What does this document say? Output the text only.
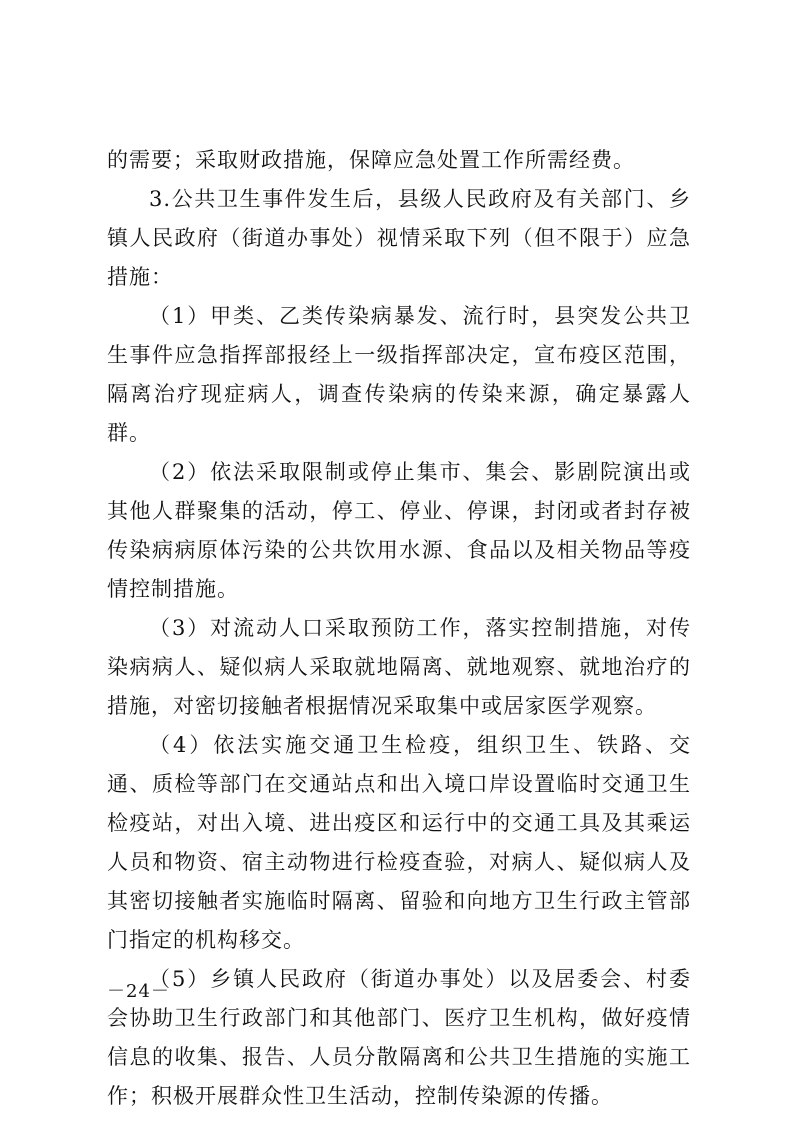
的需要；采取财政措施，保障应急处置工作所需经费。

3.公共卫生事件发生后，县级人民政府及有关部门、乡镇人民政府（街道办事处）视情采取下列（但不限于）应急措施：

（1）甲类、乙类传染病暴发、流行时，县突发公共卫生事件应急指挥部报经上一级指挥部决定，宣布疫区范围，隔离治疗现症病人，调查传染病的传染来源，确定暴露人群。

（2）依法采取限制或停止集市、集会、影剧院演出或其他人群聚集的活动，停工、停业、停课，封闭或者封存被传染病病原体污染的公共饮用水源、食品以及相关物品等疫情控制措施。

（3）对流动人口采取预防工作，落实控制措施，对传染病病人、疑似病人采取就地隔离、就地观察、就地治疗的措施，对密切接触者根据情况采取集中或居家医学观察。

（4）依法实施交通卫生检疫，组织卫生、铁路、交通、质检等部门在交通站点和出入境口岸设置临时交通卫生检疫站，对出入境、进出疫区和运行中的交通工具及其乘运人员和物资、宿主动物进行检疫查验，对病人、疑似病人及其密切接触者实施临时隔离、留验和向地方卫生行政主管部门指定的机构移交。

（5）乡镇人民政府（街道办事处）以及居委会、村委会协助卫生行政部门和其他部门、医疗卫生机构，做好疫情信息的收集、报告、人员分散隔离和公共卫生措施的实施工作；积极开展群众性卫生活动，控制传染源的传播。

－24－
